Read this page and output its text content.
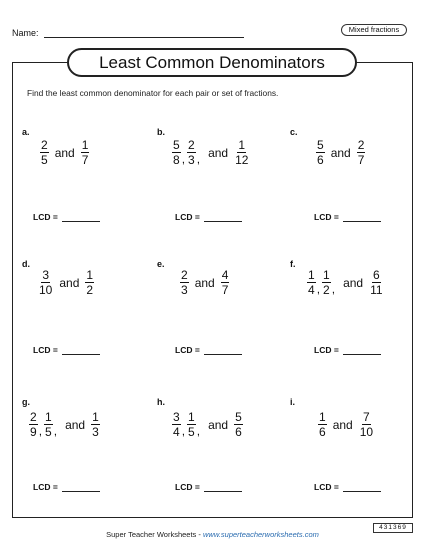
Name:	Mixed fractions
Least Common Denominators
Find the least common denominator for each pair or set of fractions.
a.
$\frac{2}{5}$ and $\frac{1}{7}$
LCD =
b.
$\frac{5}{8}$ , $\frac{2}{3}$ , and $\frac{1}{12}$
LCD =
c.
$\frac{5}{6}$ and $\frac{2}{7}$
LCD =
d.
$\frac{3}{10}$ and $\frac{1}{2}$
LCD =
e.
$\frac{2}{3}$ and $\frac{4}{7}$
LCD =
f.
$\frac{1}{4}$ , $\frac{1}{2}$ , and $\frac{6}{11}$
LCD =
g.
$\frac{2}{9}$ , $\frac{1}{5}$ , and $\frac{1}{3}$
LCD =
h.
$\frac{3}{4}$ , $\frac{1}{5}$ , and $\frac{5}{6}$
LCD =
i.
$\frac{1}{6}$ and $\frac{7}{10}$
LCD =
Super Teacher Worksheets - www.superteacherworksheets.com
431369
